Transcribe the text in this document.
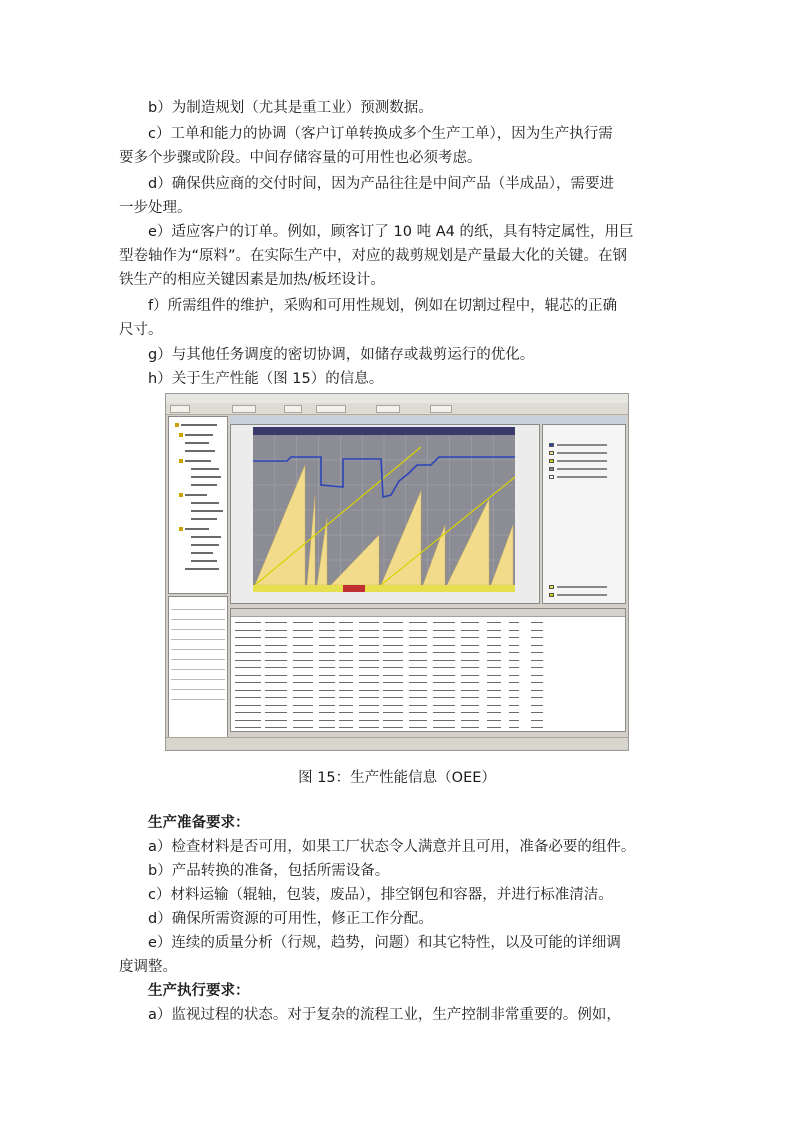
b）为制造规划（尤其是重工业）预测数据。

c）工单和能力的协调（客户订单转换成多个生产工单），因为生产执行需

要多个步骤或阶段。中间存储容量的可用性也必须考虑。

d）确保供应商的交付时间，因为产品往往是中间产品（半成品），需要进

一步处理。

e）适应客户的订单。例如，顾客订了 10 吨 A4 的纸，具有特定属性，用巨

型卷轴作为“原料”。在实际生产中，对应的裁剪规划是产量最大化的关键。在钢

铁生产的相应关键因素是加热/板坯设计。

f）所需组件的维护，采购和可用性规划，例如在切割过程中，辊芯的正确

尺寸。

g）与其他任务调度的密切协调，如储存或裁剪运行的优化。

h）关于生产性能（图 15）的信息。

图 15：生产性能信息（OEE）

生产准备要求：

a）检查材料是否可用，如果工厂状态令人满意并且可用，准备必要的组件。

b）产品转换的准备，包括所需设备。

c）材料运输（辊轴，包装，废品），排空钢包和容器，并进行标准清洁。

d）确保所需资源的可用性，修正工作分配。

e）连续的质量分析（行规，趋势，问题）和其它特性，以及可能的详细调

度调整。

生产执行要求：

a）监视过程的状态。对于复杂的流程工业，生产控制非常重要的。例如，
